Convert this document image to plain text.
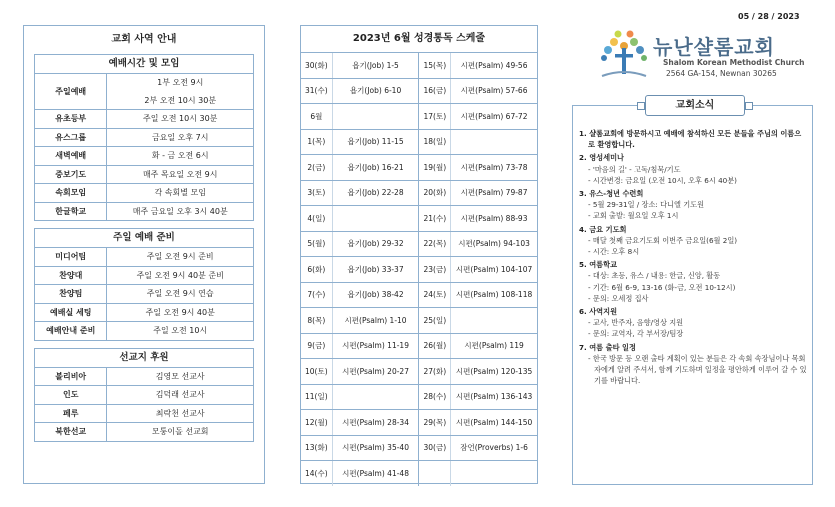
교회 사역 안내
예배시간 및 모임
주일예배	1부 오전 9시
2부 오전 10시 30분

유초등부	주일 오전 10시 30분
유스그룹	금요일 오후 7시
새벽예배	화 - 금 오전 6시
중보기도	매주 목요일 오전 9시
속회모임	각 속회별 모임
한글학교	매주 금요일 오후 3시 40분
주일 예배 준비
미디어팀	주일 오전 9시 준비
찬양대	주일 오전 9시 40분 준비
찬양팀	주일 오전 9시 연습
예배실 세팅	주일 오전 9시 40분
예배안내 준비	주일 오전 10시
선교지 후원
볼리비아	김영모 선교사
인도	김덕래 선교사
페루	최락천 선교사
북한선교	모퉁이돌 선교회
2023년 6월 성경통독 스케줄
30(화)	욥기(Job) 1-5	15(목)	시편(Psalm) 49-56
31(수)	욥기(Job) 6-10	16(금)	시편(Psalm) 57-66
6월		17(토)	시편(Psalm) 67-72
1(목)	욥기(Job) 11-15	18(일)	
2(금)	욥기(Job) 16-21	19(월)	시편(Psalm) 73-78
3(토)	욥기(Job) 22-28	20(화)	시편(Psalm) 79-87
4(일)		21(수)	시편(Psalm) 88-93
5(월)	욥기(Job) 29-32	22(목)	시편(Psalm) 94-103
6(화)	욥기(Job) 33-37	23(금)	시편(Psalm) 104-107
7(수)	욥기(Job) 38-42	24(토)	시편(Psalm) 108-118
8(목)	시편(Psalm) 1-10	25(일)	
9(금)	시편(Psalm) 11-19	26(월)	시편(Psalm) 119
10(토)	시편(Psalm) 20-27	27(화)	시편(Psalm) 120-135
11(일)		28(수)	시편(Psalm) 136-143
12(월)	시편(Psalm) 28-34	29(목)	시편(Psalm) 144-150
13(화)	시편(Psalm) 35-40	30(금)	잠언(Proverbs) 1-6
14(수)	시편(Psalm) 41-48		
05 / 28 / 2023
뉴난샬롬교회
Shalom Korean Methodist Church
2564 GA-154, Newnan 30265
교회소식
1. 샬롬교회에 방문하시고 예배에 참석하신 모든 분들을 주님의 이름으로 환영합니다.
2. 영성세미나
- '마음의 길' - 고독/침묵/기도
- 시간변경: 금요일 (오전 10시, 오후 6시 40분)
3. 유스-청년 수련회
- 5월 29-31일 / 장소: 다니엘 기도원
- 교회 출발: 월요일 오후 1시
4. 금요 기도회
- 매달 첫째 금요기도회 이번주 금요일(6월 2일)
- 시간: 오후 8시
5. 여름학교
- 대상: 초등, 유스 / 내용: 한글, 신앙, 활동
- 기간: 6월 6-9, 13-16 (화-금, 오전 10-12시)
- 문의: 오세정 집사
6. 사역지원
- 교사, 반주자, 음향/영상 지원
- 문의: 교역자, 각 부서장/팀장
7. 여름 출타 일정
- 한국 방문 등 오랜 출타 계획이 있는 분들은 각 속회 속장님이나 목회자에게 알려 주셔서, 함께 기도하며 일정을 평안하게 이루어 갈 수 있기를 바랍니다.
